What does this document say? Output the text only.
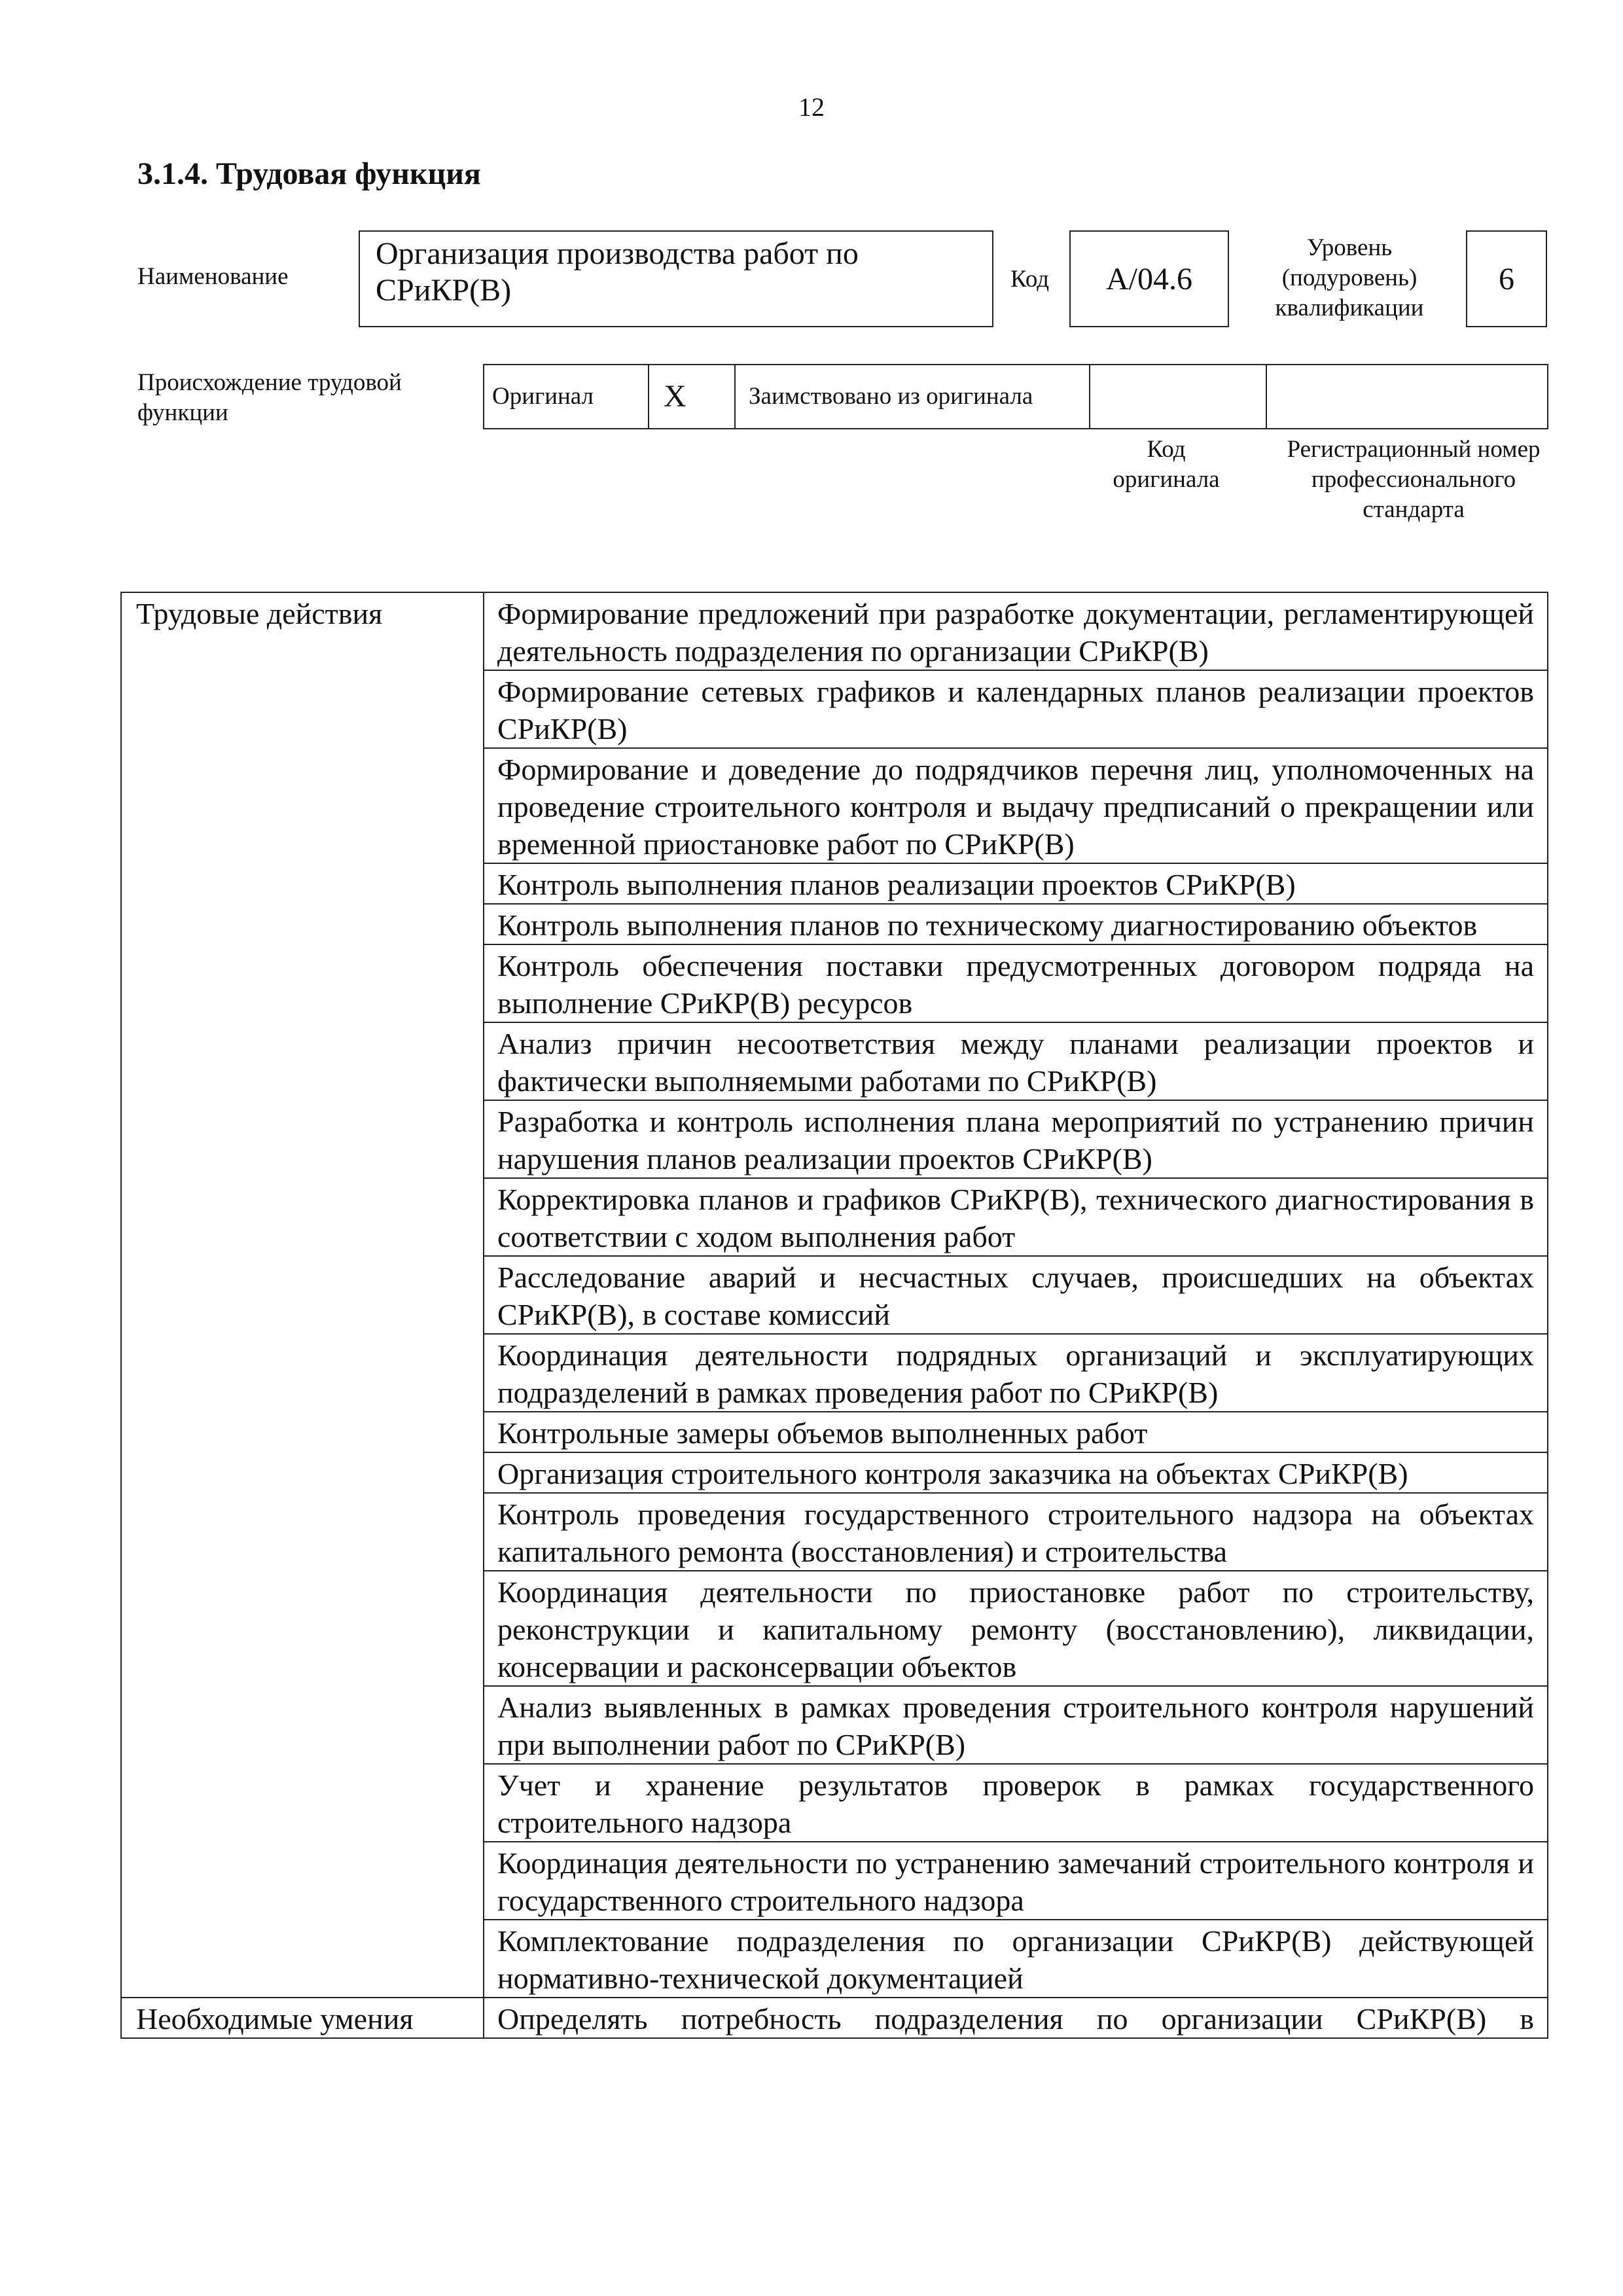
12
3.1.4. Трудовая функция
Наименование
Организация производства работ по СРиКР(В)	Код	А/04.6
Уровень (подуровень) квалификации
6
Происхождение трудовой функции
Оригинал	X	Заимствовано из оригинала		
Код оригинала
Регистрационный номер профессионального стандарта
Трудовые действия	Формирование предложений при разработке документации, регламентирующей деятельность подразделения по организации СРиКР(В)
	Формирование сетевых графиков и календарных планов реализации проектов СРиКР(В)
	Формирование и доведение до подрядчиков перечня лиц, уполномоченных на проведение строительного контроля и выдачу предписаний о прекращении или временной приостановке работ по СРиКР(В)
	Контроль выполнения планов реализации проектов СРиКР(В)
	Контроль выполнения планов по техническому диагностированию объектов
	Контроль обеспечения поставки предусмотренных договором подряда на выполнение СРиКР(В) ресурсов
	Анализ причин несоответствия между планами реализации проектов и фактически выполняемыми работами по СРиКР(В)
	Разработка и контроль исполнения плана мероприятий по устранению причин нарушения планов реализации проектов СРиКР(В)
	Корректировка планов и графиков СРиКР(В), технического диагностирования в соответствии с ходом выполнения работ
	Расследование аварий и несчастных случаев, происшедших на объектах СРиКР(В), в составе комиссий
	Координация деятельности подрядных организаций и эксплуатирующих подразделений в рамках проведения работ по СРиКР(В)
	Контрольные замеры объемов выполненных работ
	Организация строительного контроля заказчика на объектах СРиКР(В)
	Контроль проведения государственного строительного надзора на объектах капитального ремонта (восстановления) и строительства
	Координация деятельности по приостановке работ по строительству, реконструкции и капитальному ремонту (восстановлению), ликвидации, консервации и расконсервации объектов
	Анализ выявленных в рамках проведения строительного контроля нарушений при выполнении работ по СРиКР(В)
	Учет и хранение результатов проверок в рамках государственного строительного надзора
	Координация деятельности по устранению замечаний строительного контроля и государственного строительного надзора
	Комплектование подразделения по организации СРиКР(В) действующей нормативно-технической документацией
Необходимые умения	Определять потребность подразделения по организации СРиКР(В) в
